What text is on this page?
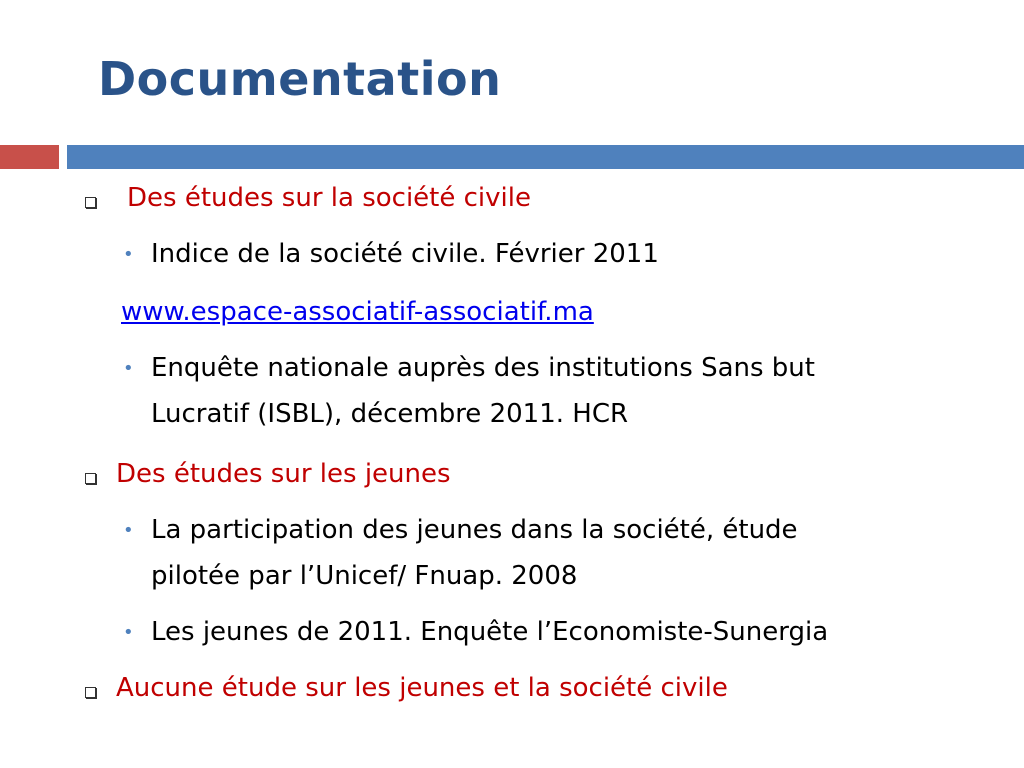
Documentation
Des études sur la société civile
• Indice de la société civile. Février 2011
www.espace-associatif-associatif.ma
• Enquête nationale auprès des institutions Sans but
Lucratif (ISBL), décembre 2011. HCR
Des études sur les jeunes
• La participation des jeunes dans la société, étude
pilotée par l’Unicef/ Fnuap. 2008
• Les jeunes de 2011. Enquête l’Economiste-Sunergia
Aucune étude sur les jeunes et la société civile
